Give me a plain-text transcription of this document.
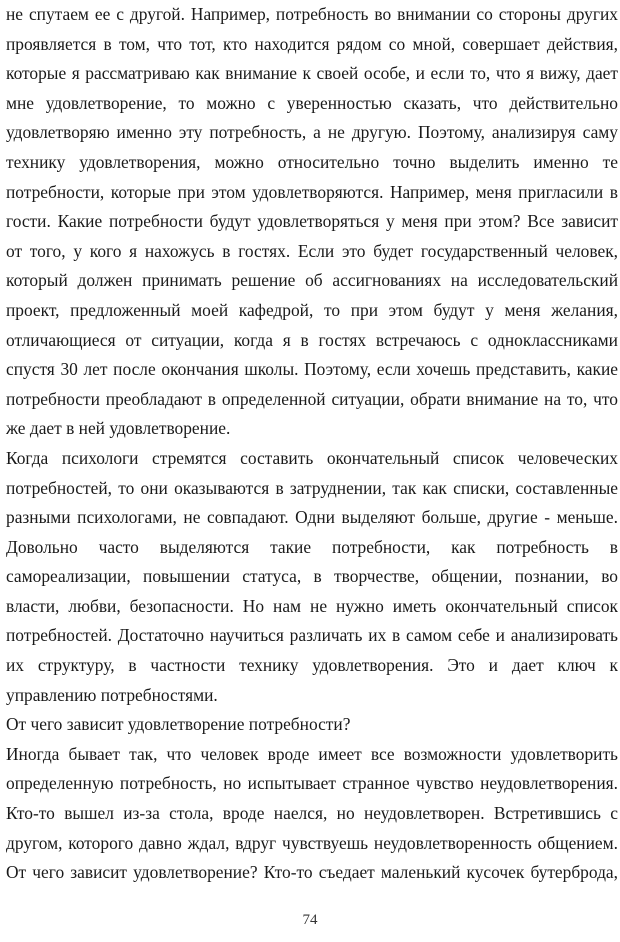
не спутаем ее с другой. Например, потребность во внимании со стороны других
проявляется в том, что тот, кто находится рядом со мной, совершает действия,
которые я рассматриваю как внимание к своей особе, и если то, что я вижу, дает
мне удовлетворение, то можно с уверенностью сказать, что действительно
удовлетворяю именно эту потребность, а не другую. Поэтому, анализируя саму
технику удовлетворения, можно относительно точно выделить именно те
потребности, которые при этом удовлетворяются. Например, меня пригласили в
гости. Какие потребности будут удовлетворяться у меня при этом? Все зависит
от того, у кого я нахожусь в гостях. Если это будет государственный человек,
который должен принимать решение об ассигнованиях на исследовательский
проект, предложенный моей кафедрой, то при этом будут у меня желания,
отличающиеся от ситуации, когда я в гостях встречаюсь с одноклассниками
спустя 30 лет после окончания школы. Поэтому, если хочешь представить, какие
потребности преобладают в определенной ситуации, обрати внимание на то, что
же дает в ней удовлетворение.
Когда психологи стремятся составить окончательный список человеческих
потребностей, то они оказываются в затруднении, так как списки, составленные
разными психологами, не совпадают. Одни выделяют больше, другие - меньше.
Довольно часто выделяются такие потребности, как потребность в
самореализации, повышении статуса, в творчестве, общении, познании, во
власти, любви, безопасности. Но нам не нужно иметь окончательный список
потребностей. Достаточно научиться различать их в самом себе и анализировать
их структуру, в частности технику удовлетворения. Это и дает ключ к
управлению потребностями.
От чего зависит удовлетворение потребности?
Иногда бывает так, что человек вроде имеет все возможности удовлетворить
определенную потребность, но испытывает странное чувство неудовлетворения.
Кто-то вышел из-за стола, вроде наелся, но неудовлетворен. Встретившись с
другом, которого давно ждал, вдруг чувствуешь неудовлетворенность общением.
От чего зависит удовлетворение? Кто-то съедает маленький кусочек бутерброда,
74
